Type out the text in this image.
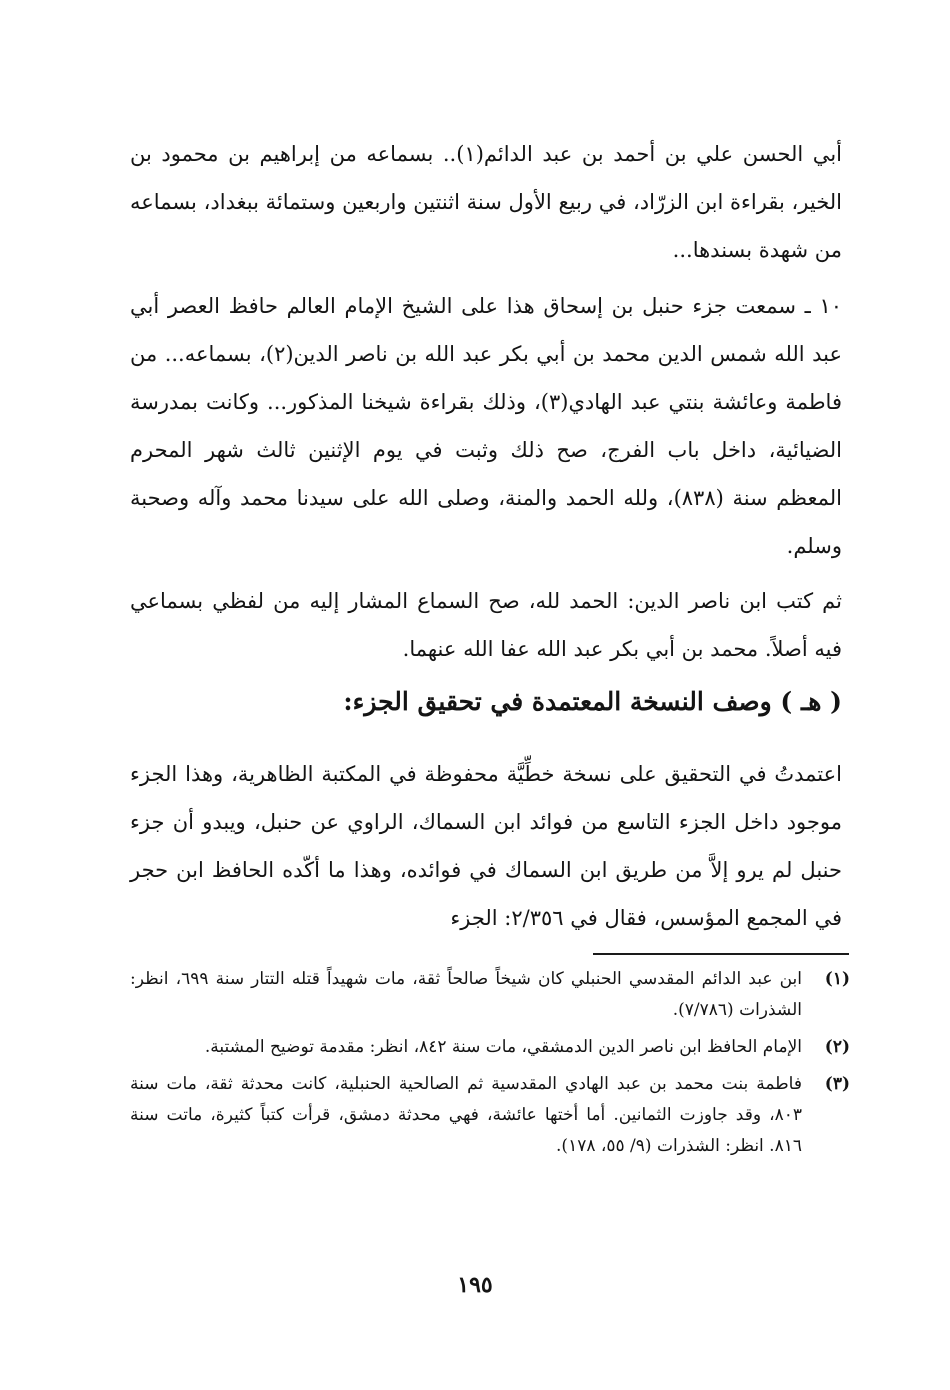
أبي الحسن علي بن أحمد بن عبد الدائم(١).. بسماعه من إبراهيم بن محمود بن الخير، بقراءة ابن الزرّاد، في ربيع الأول سنة اثنتين واربعين وستمائة ببغداد، بسماعه من شهدة بسندها...

١٠ ـ سمعت جزء حنبل بن إسحاق هذا على الشيخ الإمام العالم حافظ العصر أبي عبد الله شمس الدين محمد بن أبي بكر عبد الله بن ناصر الدين(٢)، بسماعه... من فاطمة وعائشة بنتي عبد الهادي(٣)، وذلك بقراءة شيخنا المذكور... وكانت بمدرسة الضيائية، داخل باب الفرج، صح ذلك وثبت في يوم الإثنين ثالث شهر المحرم المعظم سنة (٨٣٨)، ولله الحمد والمنة، وصلى الله على سيدنا محمد وآله وصحبة وسلم.

ثم كتب ابن ناصر الدين: الحمد لله، صح السماع المشار إليه من لفظي بسماعي فيه أصلاً. محمد بن أبي بكر عبد الله عفا الله عنهما.

( هـ ) وصف النسخة المعتمدة في تحقيق الجزء:

اعتمدتُ في التحقيق على نسخة خطِّيَّة محفوظة في المكتبة الظاهرية، وهذا الجزء موجود داخل الجزء التاسع من فوائد ابن السماك، الراوي عن حنبل، ويبدو أن جزء حنبل لم يرو إلاَّ من طريق ابن السماك في فوائده، وهذا ما أكّده الحافظ ابن حجر في المجمع المؤسس، فقال في ٢/٣٥٦: الجزء

(١)
ابن عبد الدائم المقدسي الحنبلي كان شيخاً صالحاً ثقة، مات شهيداً قتله التتار سنة ٦٩٩، انظر: الشذرات (٧/٧٨٦).
(٢)
الإمام الحافظ ابن ناصر الدين الدمشقي، مات سنة ٨٤٢، انظر: مقدمة توضيح المشتبة.
(٣)
فاطمة بنت محمد بن عبد الهادي المقدسية ثم الصالحية الحنبلية، كانت محدثة ثقة، مات سنة ٨٠٣، وقد جاوزت الثمانين. أما أختها عائشة، فهي محدثة دمشق، قرأت كتباً كثيرة، ماتت سنة ٨١٦. انظر: الشذرات (٩/ ٥٥، ١٧٨).
١٩٥
